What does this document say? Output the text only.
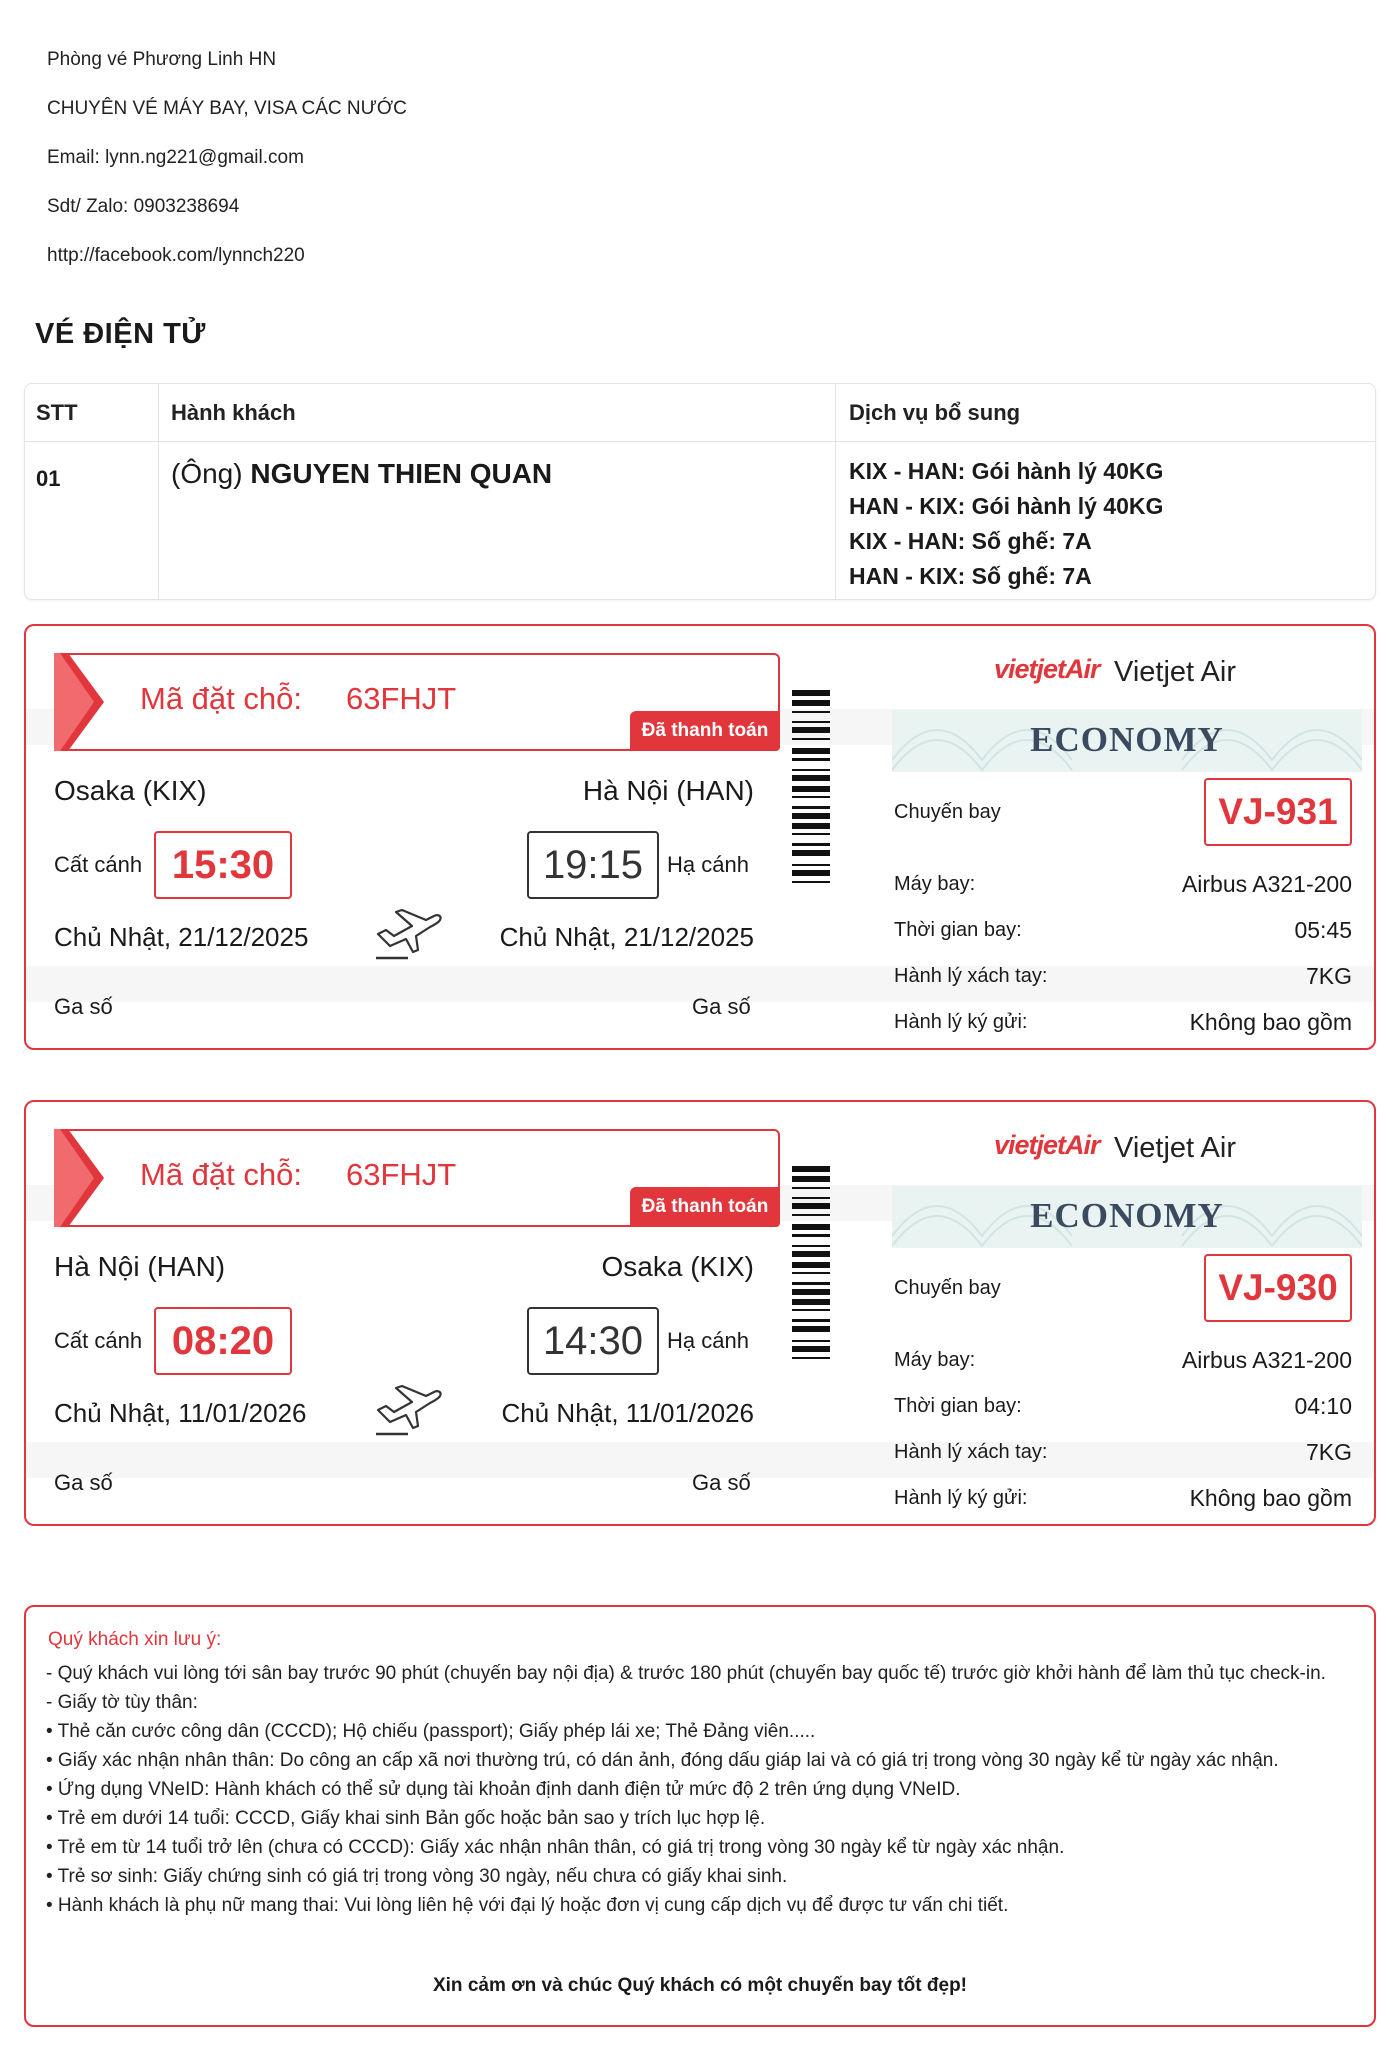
Phòng vé Phương Linh HN
CHUYÊN VÉ MÁY BAY, VISA CÁC NƯỚC
Email: lynn.ng221@gmail.com
Sdt/ Zalo: 0903238694
http://facebook.com/lynnch220
VÉ ĐIỆN TỬ
STT	Hành khách	Dịch vụ bổ sung
01	(Ông) NGUYEN THIEN QUAN	KIX - HAN: Gói hành lý 40KG
HAN - KIX: Gói hành lý 40KG
KIX - HAN: Số ghế: 7A
HAN - KIX: Số ghế: 7A
Mã đặt chỗ: 63FHJT
Đã thanh toán
Osaka (KIX)	Hà Nội (HAN)
Cất cánh 15:30	19:15	Hạ cánh
Chủ Nhật, 21/12/2025	Chủ Nhật, 21/12/2025
Ga số	Ga số
vietjetAir Vietjet Air
ECONOMY
Chuyến bay	VJ-931
Máy bay:	Airbus A321-200
Thời gian bay:	05:45
Hành lý xách tay:	7KG
Hành lý ký gửi:	Không bao gồm
Mã đặt chỗ: 63FHJT
Đã thanh toán
Hà Nội (HAN)	Osaka (KIX)
Cất cánh 08:20	14:30	Hạ cánh
Chủ Nhật, 11/01/2026	Chủ Nhật, 11/01/2026
Ga số	Ga số
vietjetAir Vietjet Air
ECONOMY
Chuyến bay	VJ-930
Máy bay:	Airbus A321-200
Thời gian bay:	04:10
Hành lý xách tay:	7KG
Hành lý ký gửi:	Không bao gồm
Quý khách xin lưu ý:

- Quý khách vui lòng tới sân bay trước 90 phút (chuyến bay nội địa) & trước 180 phút (chuyến bay quốc tế) trước giờ khởi hành để làm thủ tục check-in.

- Giấy tờ tùy thân:

• Thẻ căn cước công dân (CCCD); Hộ chiếu (passport); Giấy phép lái xe; Thẻ Đảng viên.....

• Giấy xác nhận nhân thân: Do công an cấp xã nơi thường trú, có dán ảnh, đóng dấu giáp lai và có giá trị trong vòng 30 ngày kể từ ngày xác nhận.

• Ứng dụng VNeID: Hành khách có thể sử dụng tài khoản định danh điện tử mức độ 2 trên ứng dụng VNeID.

• Trẻ em dưới 14 tuổi: CCCD, Giấy khai sinh Bản gốc hoặc bản sao y trích lục hợp lệ.

• Trẻ em từ 14 tuổi trở lên (chưa có CCCD): Giấy xác nhận nhân thân, có giá trị trong vòng 30 ngày kể từ ngày xác nhận.

• Trẻ sơ sinh: Giấy chứng sinh có giá trị trong vòng 30 ngày, nếu chưa có giấy khai sinh.

• Hành khách là phụ nữ mang thai: Vui lòng liên hệ với đại lý hoặc đơn vị cung cấp dịch vụ để được tư vấn chi tiết.

Xin cảm ơn và chúc Quý khách có một chuyến bay tốt đẹp!
